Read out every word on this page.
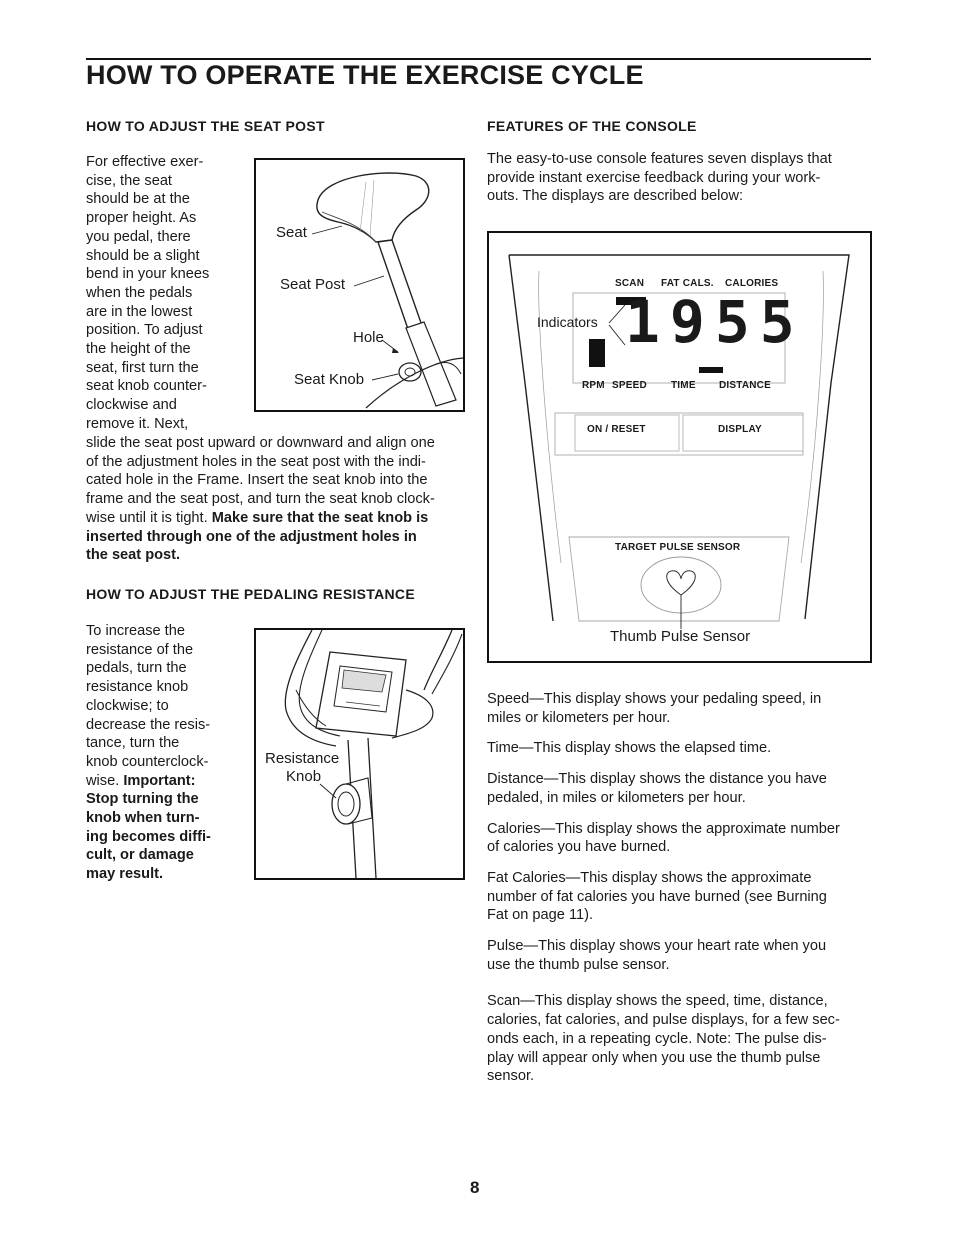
HOW TO OPERATE THE EXERCISE CYCLE
HOW TO ADJUST THE SEAT POST
For effective exer-
cise, the seat
should be at the
proper height. As
you pedal, there
should be a slight
bend in your knees
when the pedals
are in the lowest
position. To adjust
the height of the
seat, first turn the
seat knob counter-
clockwise and
remove it. Next,
slide the seat post upward or downward and align one
of the adjustment holes in the seat post with the indi-
cated hole in the Frame. Insert the seat knob into the
frame and the seat post, and turn the seat knob clock-
wise until it is tight. Make sure that the seat knob is
inserted through one of the adjustment holes in
the seat post.
Seat
Seat Post
Hole
Seat Knob
HOW TO ADJUST THE PEDALING RESISTANCE
To increase the
resistance of the
pedals, turn the
resistance knob
clockwise; to
decrease the resis-
tance, turn the
knob counterclock-
wise. Important:
Stop turning the
knob when turn-
ing becomes diffi-
cult, or damage
may result.
Resistance
Knob
FEATURES OF THE CONSOLE
The easy-to-use console features seven displays that
provide instant exercise feedback during your work-
outs. The displays are described below:
SCAN FAT CALS. CALORIES
Indicators 1955
RPM SPEED TIME DISTANCE
ON / RESET	DISPLAY
TARGET PULSE SENSOR
Thumb Pulse Sensor
Speed—This display shows your pedaling speed, in
miles or kilometers per hour.
Time—This display shows the elapsed time.
Distance—This display shows the distance you have
pedaled, in miles or kilometers per hour.
Calories—This display shows the approximate number
of calories you have burned.
Fat Calories—This display shows the approximate
number of fat calories you have burned (see Burning
Fat on page 11).
Pulse—This display shows your heart rate when you
use the thumb pulse sensor.
Scan—This display shows the speed, time, distance,
calories, fat calories, and pulse displays, for a few sec-
onds each, in a repeating cycle. Note: The pulse dis-
play will appear only when you use the thumb pulse
sensor.
8
